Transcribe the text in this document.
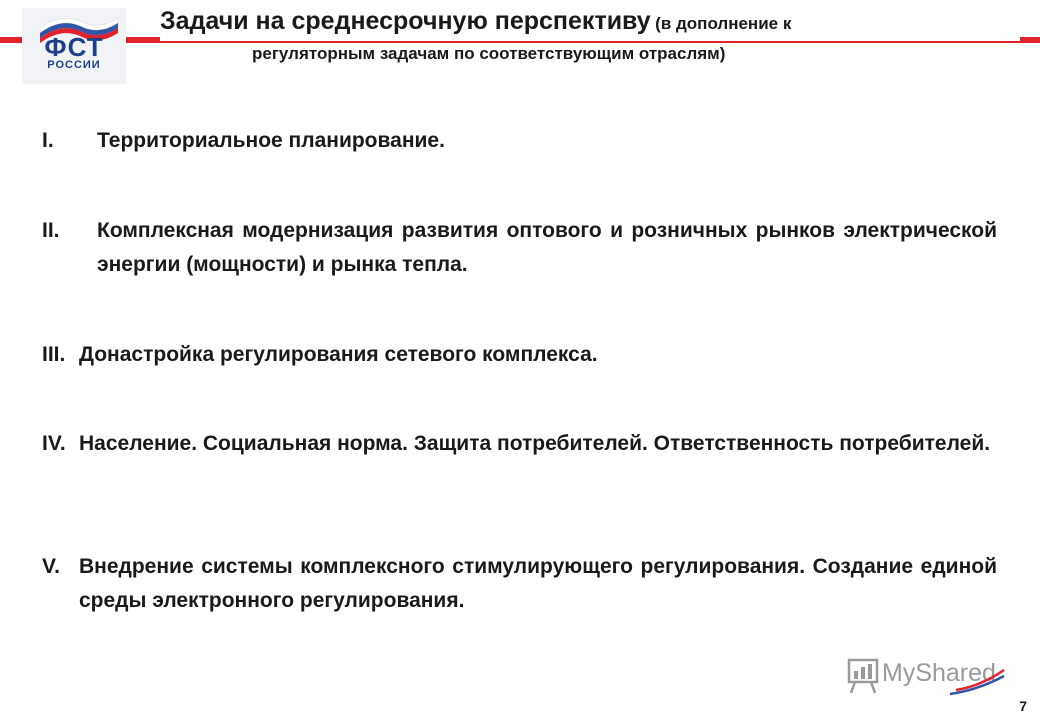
ФСТ
РОССИИ
Задачи на среднесрочную перспективу (в дополнение к
регуляторным задачам по соответствующим отраслям)
I. Территориальное планирование.
II. Комплексная модернизация развития оптового и розничных рынков электрической энергии (мощности) и рынка тепла.
III. Донастройка регулирования сетевого комплекса.
IV. Население. Социальная норма. Защита потребителей. Ответственность потребителей.
V. Внедрение системы комплексного стимулирующего регулирования. Создание единой среды электронного регулирования.
MyShared
7
